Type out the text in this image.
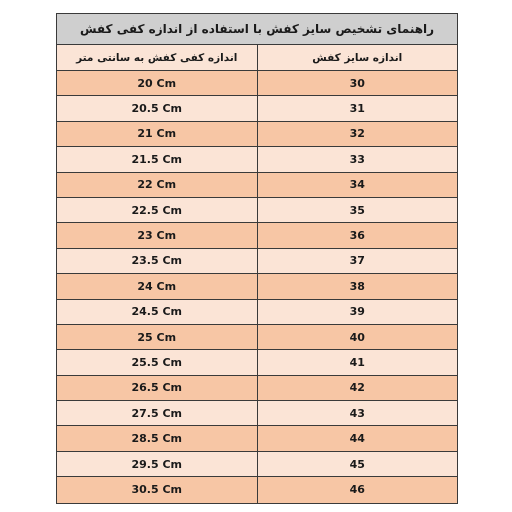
راهنمای تشخیص سایز کفش با استفاده از اندازه کفی کفش
اندازه کفی کفش به سانتی متر	اندازه سایز کفش
20 Cm	30
20.5 Cm	31
21 Cm	32
21.5 Cm	33
22 Cm	34
22.5 Cm	35
23 Cm	36
23.5 Cm	37
24 Cm	38
24.5 Cm	39
25 Cm	40
25.5 Cm	41
26.5 Cm	42
27.5 Cm	43
28.5 Cm	44
29.5 Cm	45
30.5 Cm	46
